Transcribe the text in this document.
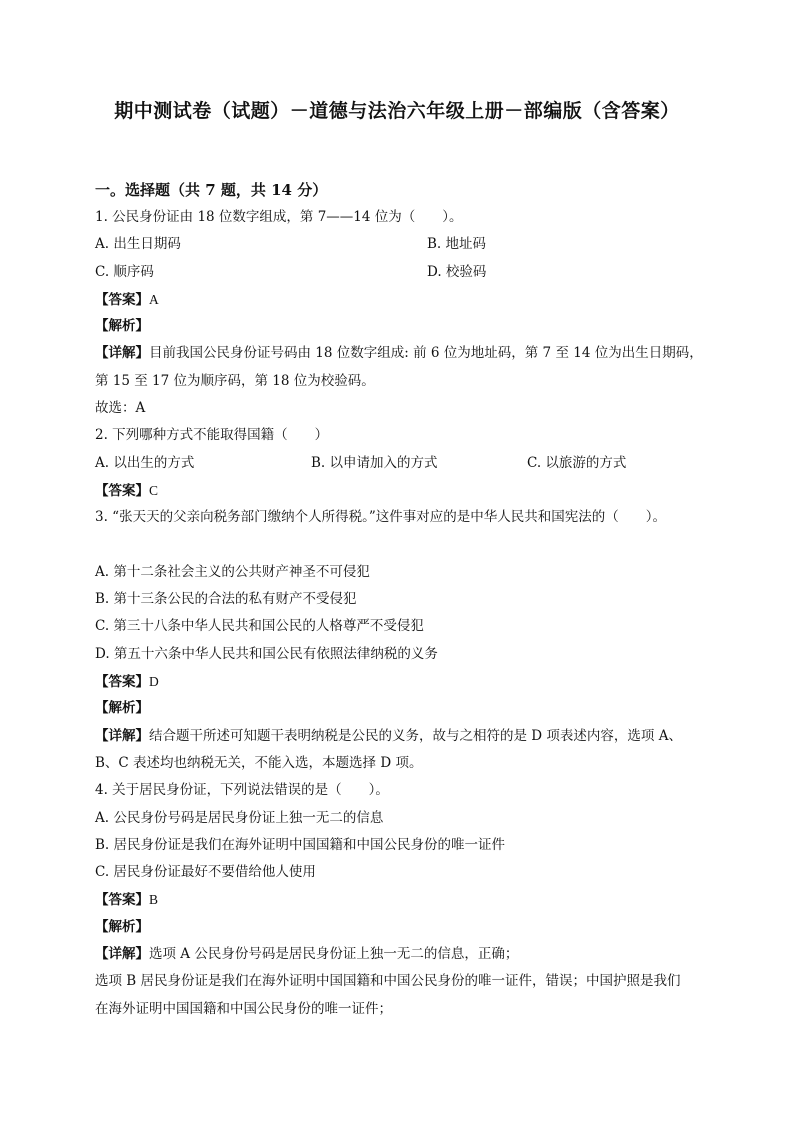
期中测试卷（试题）－道德与法治六年级上册－部编版（含答案）
一。选择题（共 7 题，共 14 分）
1. 公民身份证由 18 位数字组成，第 7——14 位为（　　）。
A. 出生日期码	B. 地址码
C. 顺序码	D. 校验码
【答案】A
【解析】
【详解】目前我国公民身份证号码由 18 位数字组成: 前 6 位为地址码，第 7 至 14 位为出生日期码，
第 15 至 17 位为顺序码，第 18 位为校验码。
故选：A
2. 下列哪种方式不能取得国籍（　　）
A. 以出生的方式	B. 以申请加入的方式	C. 以旅游的方式
【答案】C
3. “张天天的父亲向税务部门缴纳个人所得税。”这件事对应的是中华人民共和国宪法的（　　）。
A. 第十二条社会主义的公共财产神圣不可侵犯
B. 第十三条公民的合法的私有财产不受侵犯
C. 第三十八条中华人民共和国公民的人格尊严不受侵犯
D. 第五十六条中华人民共和国公民有依照法律纳税的义务
【答案】D
【解析】
【详解】结合题干所述可知题干表明纳税是公民的义务，故与之相符的是 D 项表述内容，选项 A、
B、C 表述均也纳税无关，不能入选，本题选择 D 项。
4. 关于居民身份证，下列说法错误的是（　　）。
A. 公民身份号码是居民身份证上独一无二的信息
B. 居民身份证是我们在海外证明中国国籍和中国公民身份的唯一证件
C. 居民身份证最好不要借给他人使用
【答案】B
【解析】
【详解】选项 A 公民身份号码是居民身份证上独一无二的信息，正确；
选项 B 居民身份证是我们在海外证明中国国籍和中国公民身份的唯一证件，错误；中国护照是我们
在海外证明中国国籍和中国公民身份的唯一证件；
